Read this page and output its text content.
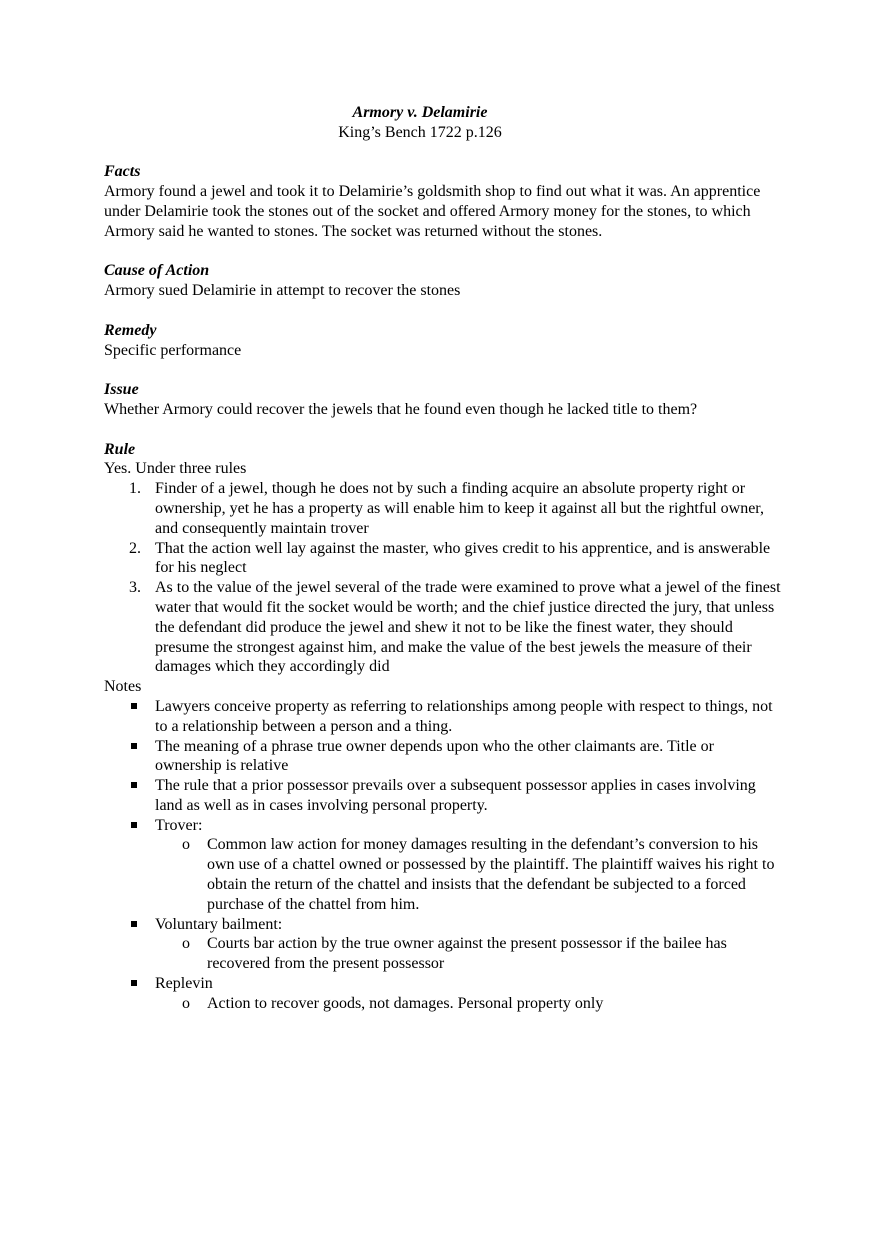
Armory v. Delamirie
King’s Bench 1722 p.126
Facts

Armory found a jewel and took it to Delamirie’s goldsmith shop to find out what it was. An apprentice under Delamirie took the stones out of the socket and offered Armory money for the stones, to which Armory said he wanted to stones. The socket was returned without the stones.

Cause of Action

Armory sued Delamirie in attempt to recover the stones

Remedy

Specific performance

Issue

Whether Armory could recover the jewels that he found even though he lacked title to them?

Rule
Yes. Under three rules
1. Finder of a jewel, though he does not by such a finding acquire an absolute property right or ownership, yet he has a property as will enable him to keep it against all but the rightful owner, and consequently maintain trover
2. That the action well lay against the master, who gives credit to his apprentice, and is answerable for his neglect
3. As to the value of the jewel several of the trade were examined to prove what a jewel of the finest water that would fit the socket would be worth; and the chief justice directed the jury, that unless the defendant did produce the jewel and shew it not to be like the finest water, they should presume the strongest against him, and make the value of the best jewels the measure of their damages which they accordingly did
Notes
Lawyers conceive property as referring to relationships among people with respect to things, not to a relationship between a person and a thing.
The meaning of a phrase true owner depends upon who the other claimants are. Title or ownership is relative
The rule that a prior possessor prevails over a subsequent possessor applies in cases involving land as well as in cases involving personal property.
Trover:
o Common law action for money damages resulting in the defendant’s conversion to his own use of a chattel owned or possessed by the plaintiff. The plaintiff waives his right to obtain the return of the chattel and insists that the defendant be subjected to a forced purchase of the chattel from him.
Voluntary bailment:
o Courts bar action by the true owner against the present possessor if the bailee has recovered from the present possessor
Replevin
o Action to recover goods, not damages. Personal property only
